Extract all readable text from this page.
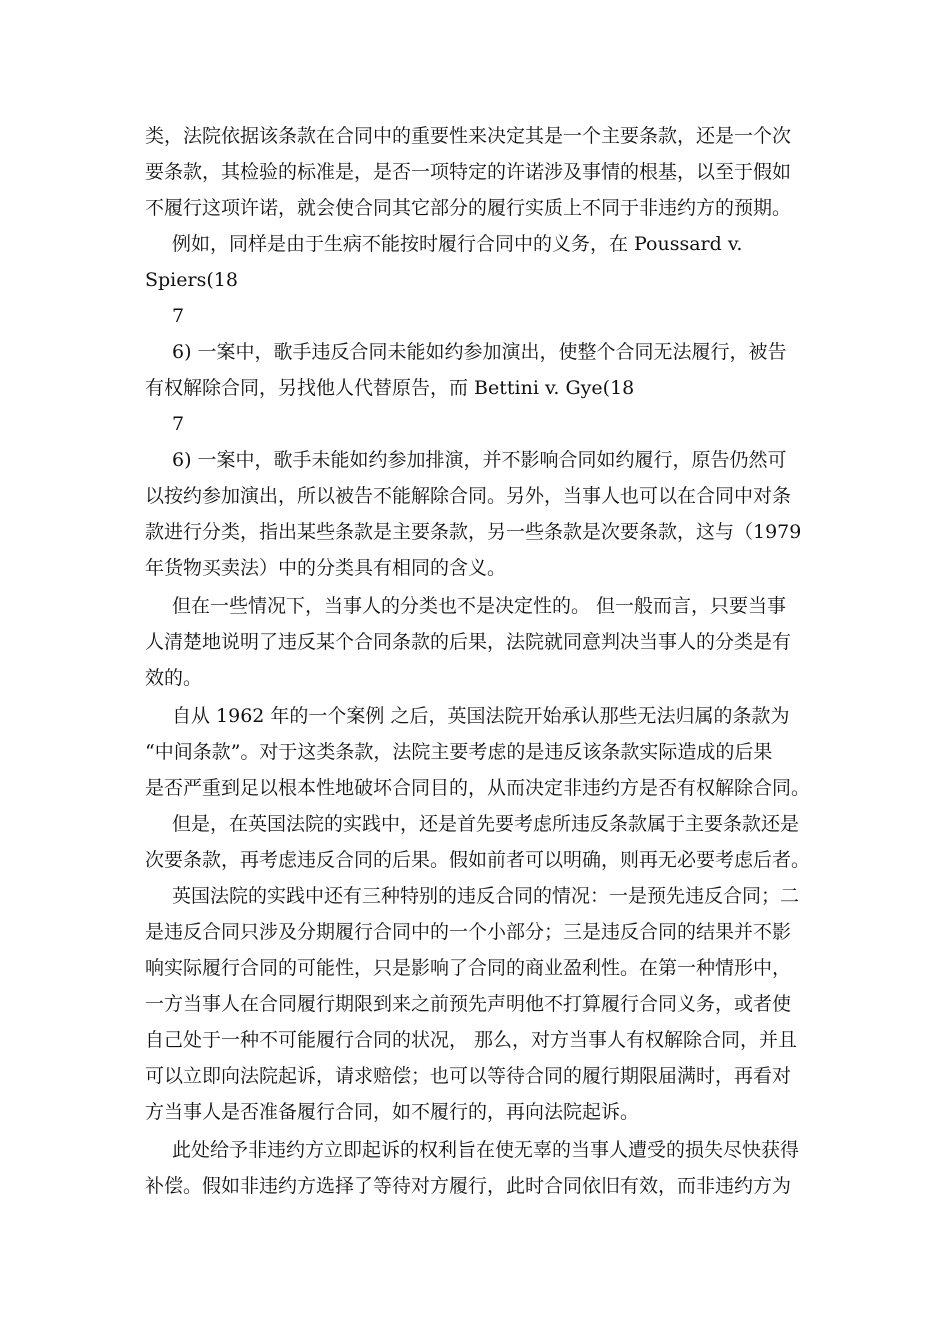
类，法院依据该条款在合同中的重要性来决定其是一个主要条款，还是一个次
要条款，其检验的标准是，是否一项特定的许诺涉及事情的根基，以至于假如
不履行这项许诺，就会使合同其它部分的履行实质上不同于非违约方的预期。
例如，同样是由于生病不能按时履行合同中的义务，在 Poussard v.
Spiers(18
7
6) 一案中，歌手违反合同未能如约参加演出，使整个合同无法履行，被告
有权解除合同，另找他人代替原告，而 Bettini v. Gye(18
7
6) 一案中，歌手未能如约参加排演，并不影响合同如约履行，原告仍然可
以按约参加演出，所以被告不能解除合同。另外，当事人也可以在合同中对条
款进行分类，指出某些条款是主要条款，另一些条款是次要条款，这与（1979
年货物买卖法）中的分类具有相同的含义。
但在一些情况下，当事人的分类也不是决定性的。 但一般而言，只要当事
人清楚地说明了违反某个合同条款的后果，法院就同意判决当事人的分类是有
效的。
自从 1962 年的一个案例 之后，英国法院开始承认那些无法归属的条款为
“中间条款”。对于这类条款，法院主要考虑的是违反该条款实际造成的后果
是否严重到足以根本性地破坏合同目的，从而决定非违约方是否有权解除合同。
但是，在英国法院的实践中，还是首先要考虑所违反条款属于主要条款还是
次要条款，再考虑违反合同的后果。假如前者可以明确，则再无必要考虑后者。
英国法院的实践中还有三种特别的违反合同的情况：一是预先违反合同；二
是违反合同只涉及分期履行合同中的一个小部分；三是违反合同的结果并不影
响实际履行合同的可能性，只是影响了合同的商业盈利性。在第一种情形中，
一方当事人在合同履行期限到来之前预先声明他不打算履行合同义务，或者使
自己处于一种不可能履行合同的状况， 那么，对方当事人有权解除合同，并且
可以立即向法院起诉，请求赔偿；也可以等待合同的履行期限届满时，再看对
方当事人是否准备履行合同，如不履行的，再向法院起诉。
此处给予非违约方立即起诉的权利旨在使无辜的当事人遭受的损失尽快获得
补偿。假如非违约方选择了等待对方履行，此时合同依旧有效，而非违约方为
